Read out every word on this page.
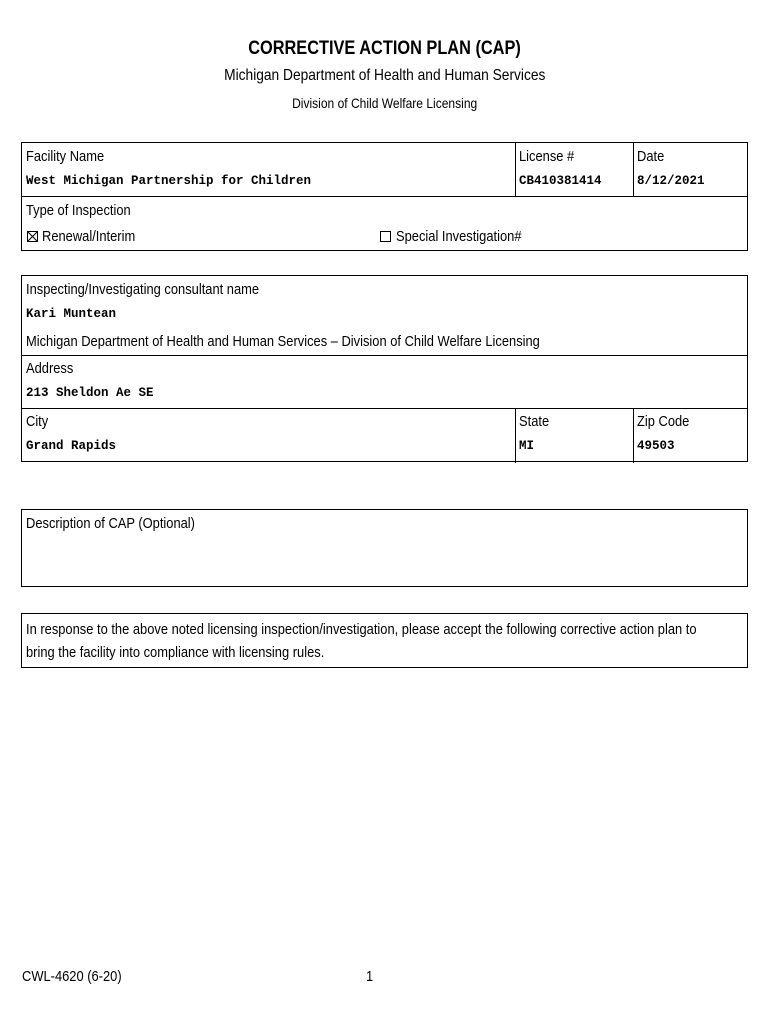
CORRECTIVE ACTION PLAN (CAP)
Michigan Department of Health and Human Services
Division of Child Welfare Licensing
Facility Name
West Michigan Partnership for Children
License #
CB410381414
Date
8/12/2021
Type of Inspection
Renewal/Interim	Special Investigation#
Inspecting/Investigating consultant name
Kari Muntean
Michigan Department of Health and Human Services – Division of Child Welfare Licensing
Address
213 Sheldon Ae SE
City
Grand Rapids
State
MI
Zip Code
49503
Description of CAP (Optional)
In response to the above noted licensing inspection/investigation, please accept the following corrective action plan to bring the facility into compliance with licensing rules.
CWL-4620 (6-20)	1
